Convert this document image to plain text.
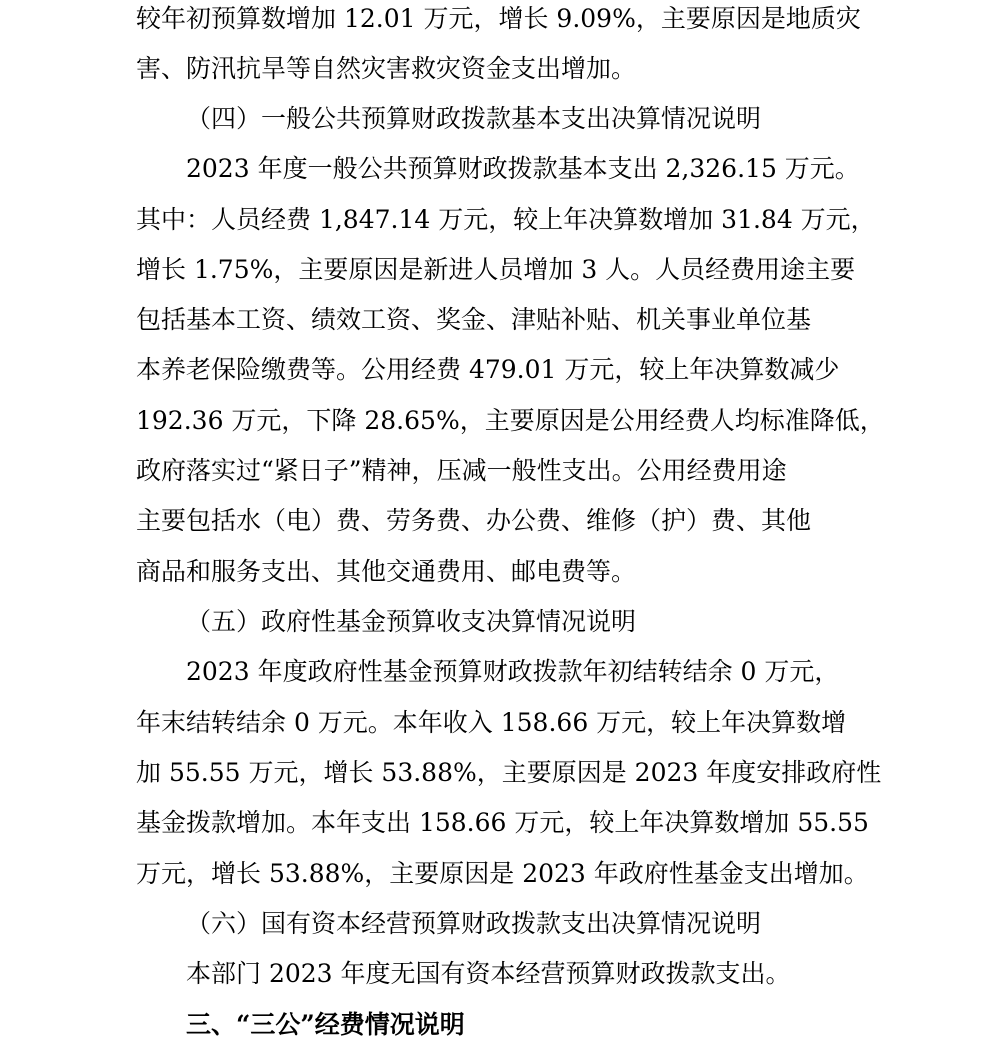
较年初预算数增加 12.01 万元，增长 9.09%，主要原因是地质灾
害、防汛抗旱等自然灾害救灾资金支出增加。
（四）一般公共预算财政拨款基本支出决算情况说明
2023 年度一般公共预算财政拨款基本支出 2,326.15 万元。
其中：人员经费 1,847.14 万元，较上年决算数增加 31.84 万元，
增长 1.75%，主要原因是新进人员增加 3 人。人员经费用途主要
包括基本工资、绩效工资、奖金、津贴补贴、机关事业单位基
本养老保险缴费等。公用经费 479.01 万元，较上年决算数减少
192.36 万元，下降 28.65%，主要原因是公用经费人均标准降低，
政府落实过“紧日子”精神，压减一般性支出。公用经费用途
主要包括水（电）费、劳务费、办公费、维修（护）费、其他
商品和服务支出、其他交通费用、邮电费等。
（五）政府性基金预算收支决算情况说明
2023 年度政府性基金预算财政拨款年初结转结余 0 万元，
年末结转结余 0 万元。本年收入 158.66 万元，较上年决算数增
加 55.55 万元，增长 53.88%，主要原因是 2023 年度安排政府性
基金拨款增加。本年支出 158.66 万元，较上年决算数增加 55.55
万元，增长 53.88%，主要原因是 2023 年政府性基金支出增加。
（六）国有资本经营预算财政拨款支出决算情况说明
本部门 2023 年度无国有资本经营预算财政拨款支出。
三、“三公”经费情况说明
